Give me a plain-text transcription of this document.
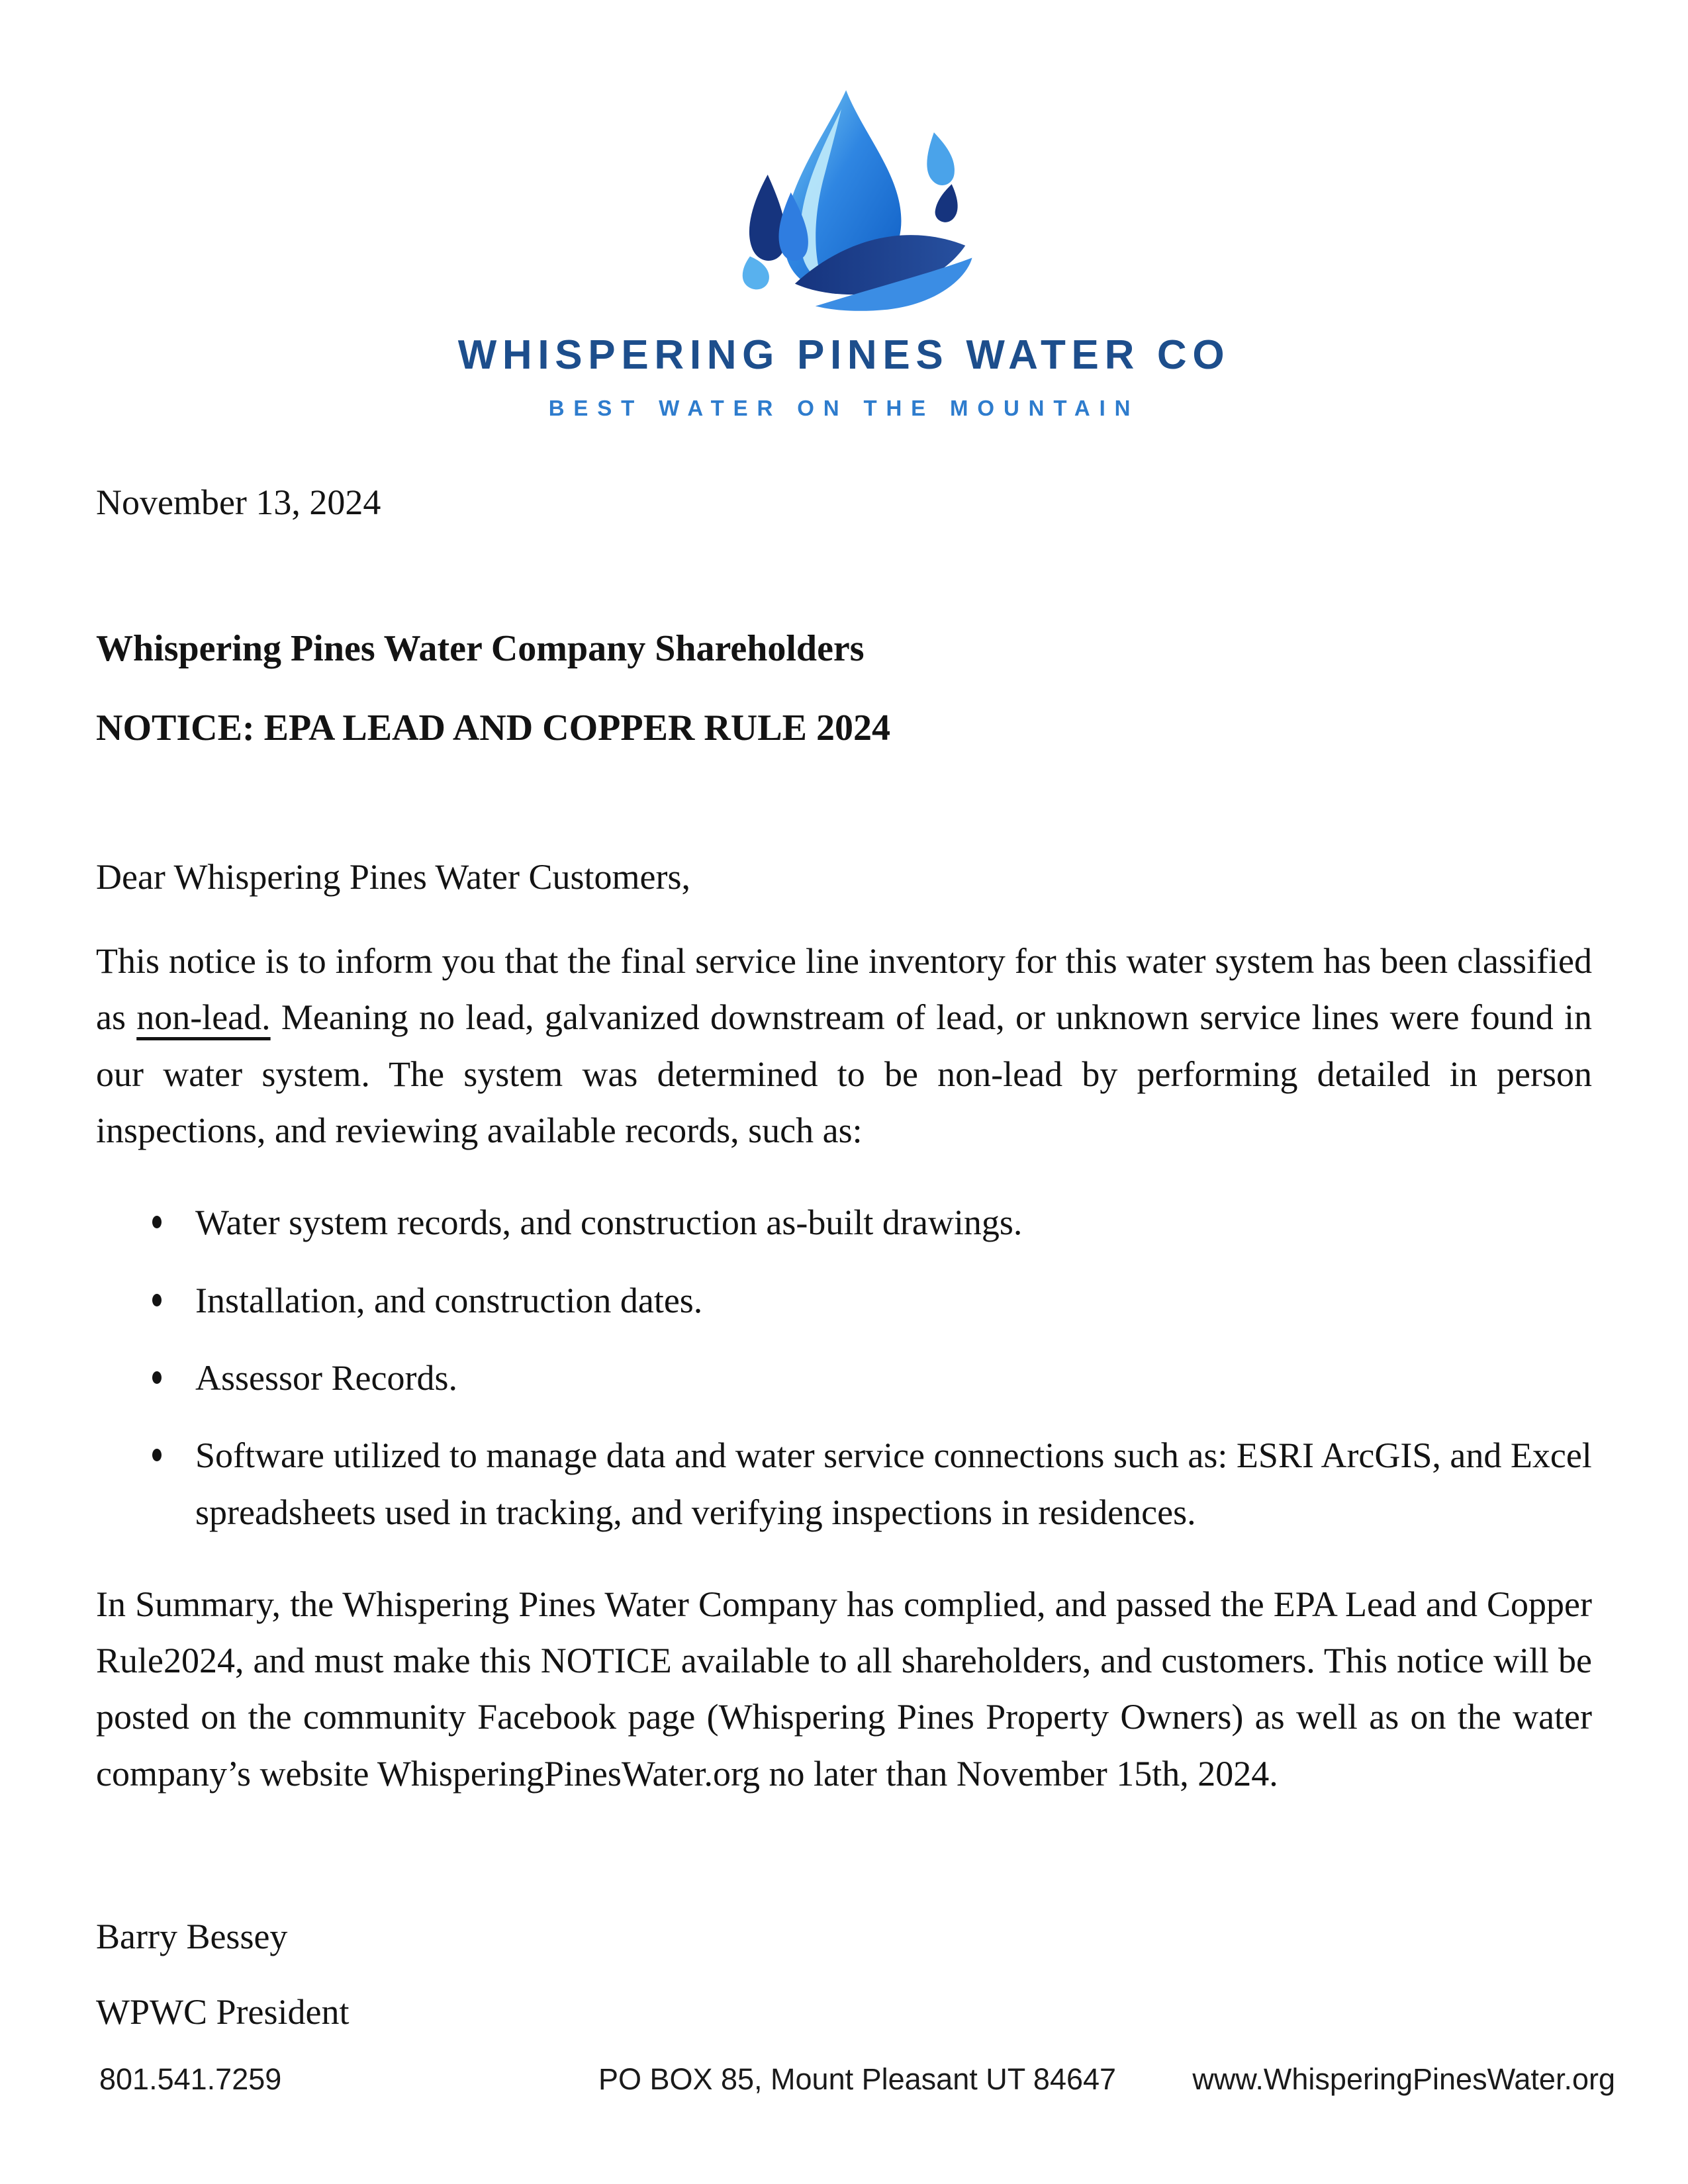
WHISPERING PINES WATER CO
BEST WATER ON THE MOUNTAIN
November 13, 2024
Whispering Pines Water Company Shareholders
NOTICE: EPA LEAD AND COPPER RULE 2024
Dear Whispering Pines Water Customers,

This notice is to inform you that the final service line inventory for this water system has been classified as non-lead. Meaning no lead, galvanized downstream of lead, or unknown service lines were found in our water system. The system was determined to be non-lead by performing detailed in person inspections, and reviewing available records, such as:

Water system records, and construction as-built drawings.
Installation, and construction dates.
Assessor Records.
Software utilized to manage data and water service connections such as: ESRI ArcGIS, and Excel spreadsheets used in tracking, and verifying inspections in residences.

In Summary, the Whispering Pines Water Company has complied, and passed the EPA Lead and Copper Rule2024, and must make this NOTICE available to all shareholders, and customers. This notice will be posted on the community Facebook page (Whispering Pines Property Owners) as well as on the water company’s website WhisperingPinesWater.org no later than November 15th, 2024.

Barry Bessey
WPWC President
801.541.7259	PO BOX 85, Mount Pleasant UT 84647	www.WhisperingPinesWater.org
